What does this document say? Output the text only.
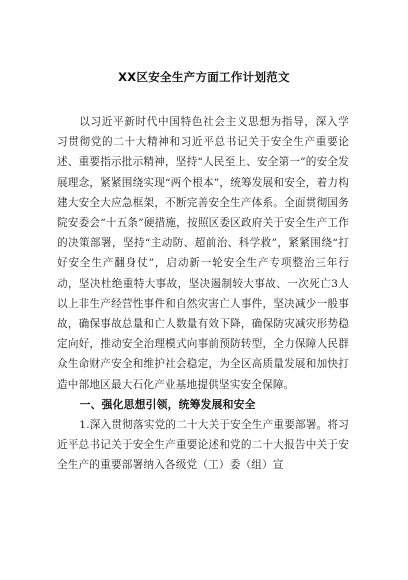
XX区安全生产方面工作计划范文

以习近平新时代中国特色社会主义思想为指导，深入学习贯彻党的二十大精神和习近平总书记关于安全生产重要论述、重要指示批示精神，坚持“人民至上、安全第一”的安全发展理念，紧紧围绕实现“两个根本”，统筹发展和安全，着力构建大安全大应急框架，不断完善安全生产体系。全面贯彻国务院安委会“十五条”硬措施，按照区委区政府关于安全生产工作的决策部署，坚持“主动防、超前治、科学救”，紧紧围绕“打好安全生产翻身仗”，启动新一轮安全生产专项整治三年行动，坚决杜绝重特大事故，坚决遏制较大事故、一次死亡3人以上非生产经营性事件和自然灾害亡人事件，坚决减少一般事故，确保事故总量和亡人数量有效下降，确保防灾减灾形势稳定向好，推动安全治理模式向事前预防转型，全力保障人民群众生命财产安全和维护社会稳定，为全区高质量发展和加快打造中部地区最大石化产业基地提供坚实安全保障。

一、强化思想引领，统筹发展和安全

1.深入贯彻落实党的二十大关于安全生产重要部署。将习近平总书记关于安全生产重要论述和党的二十大报告中关于安全生产的重要部署纳入各级党（工）委（组）宣
